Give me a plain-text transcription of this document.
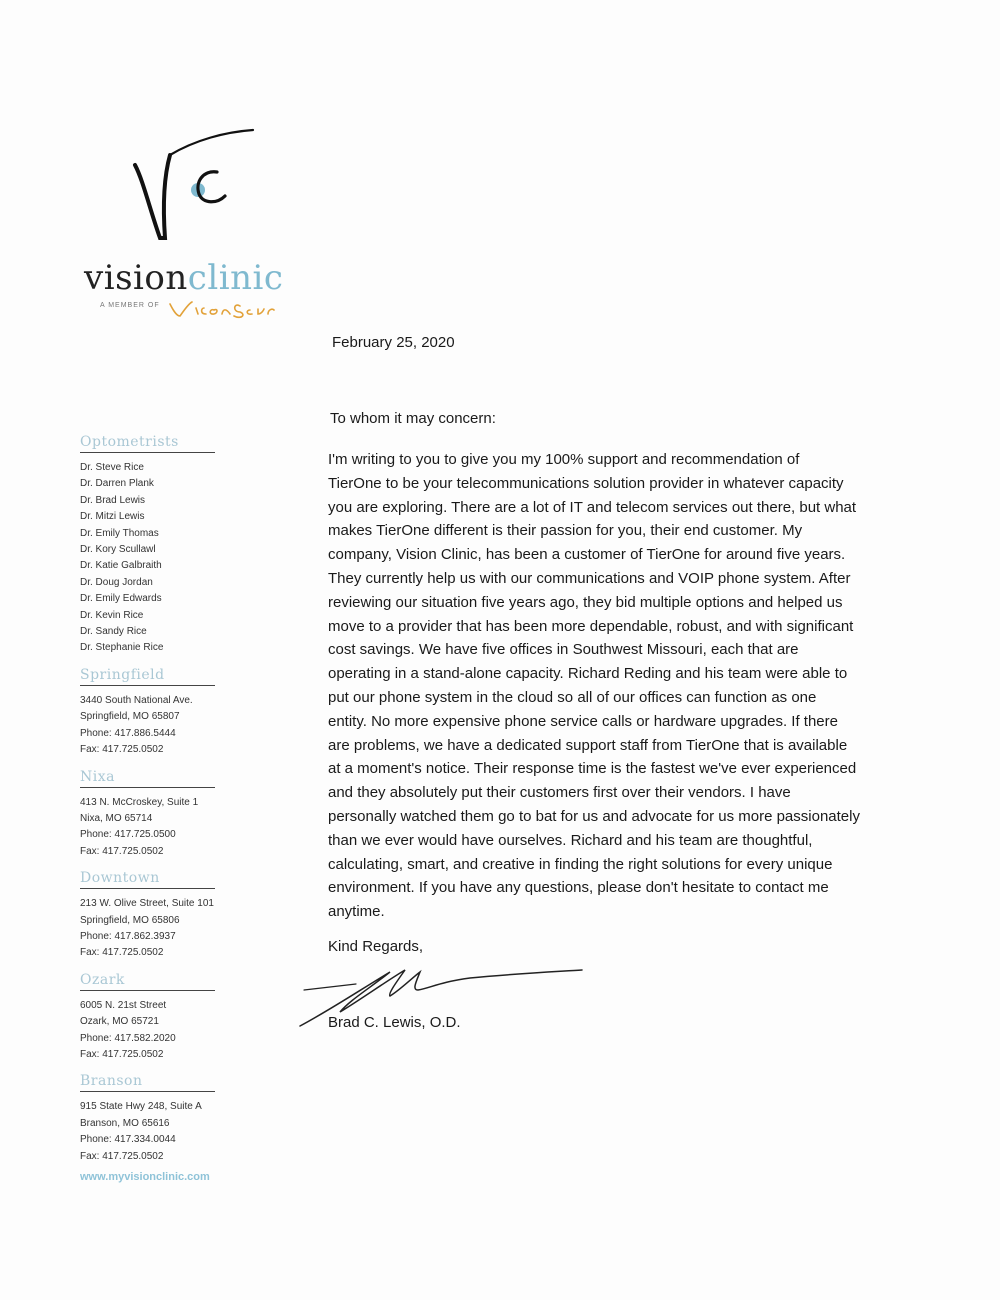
visionclinic
A MEMBER OF
Optometrists
Dr. Steve Rice
Dr. Darren Plank
Dr. Brad Lewis
Dr. Mitzi Lewis
Dr. Emily Thomas
Dr. Kory Scullawl
Dr. Katie Galbraith
Dr. Doug Jordan
Dr. Emily Edwards
Dr. Kevin Rice
Dr. Sandy Rice
Dr. Stephanie Rice
Springfield
3440 South National Ave.
Springfield, MO 65807
Phone: 417.886.5444
Fax: 417.725.0502
Nixa
413 N. McCroskey, Suite 1
Nixa, MO 65714
Phone: 417.725.0500
Fax: 417.725.0502
Downtown
213 W. Olive Street, Suite 101
Springfield, MO 65806
Phone: 417.862.3937
Fax: 417.725.0502
Ozark
6005 N. 21st Street
Ozark, MO 65721
Phone: 417.582.2020
Fax: 417.725.0502
Branson
915 State Hwy 248, Suite A
Branson, MO 65616
Phone: 417.334.0044
Fax: 417.725.0502
www.myvisionclinic.com
February 25, 2020
To whom it may concern:
I'm writing to you to give you my 100% support and recommendation of
TierOne to be your telecommunications solution provider in whatever capacity
you are exploring. There are a lot of IT and telecom services out there, but what
makes TierOne different is their passion for you, their end customer. My
company, Vision Clinic, has been a customer of TierOne for around five years.
They currently help us with our communications and VOIP phone system. After
reviewing our situation five years ago, they bid multiple options and helped us
move to a provider that has been more dependable, robust, and with significant
cost savings. We have five offices in Southwest Missouri, each that are
operating in a stand-alone capacity. Richard Reding and his team were able to
put our phone system in the cloud so all of our offices can function as one
entity. No more expensive phone service calls or hardware upgrades. If there
are problems, we have a dedicated support staff from TierOne that is available
at a moment's notice. Their response time is the fastest we've ever experienced
and they absolutely put their customers first over their vendors. I have
personally watched them go to bat for us and advocate for us more passionately
than we ever would have ourselves. Richard and his team are thoughtful,
calculating, smart, and creative in finding the right solutions for every unique
environment. If you have any questions, please don't hesitate to contact me
anytime.
Kind Regards,
Brad C. Lewis, O.D.
